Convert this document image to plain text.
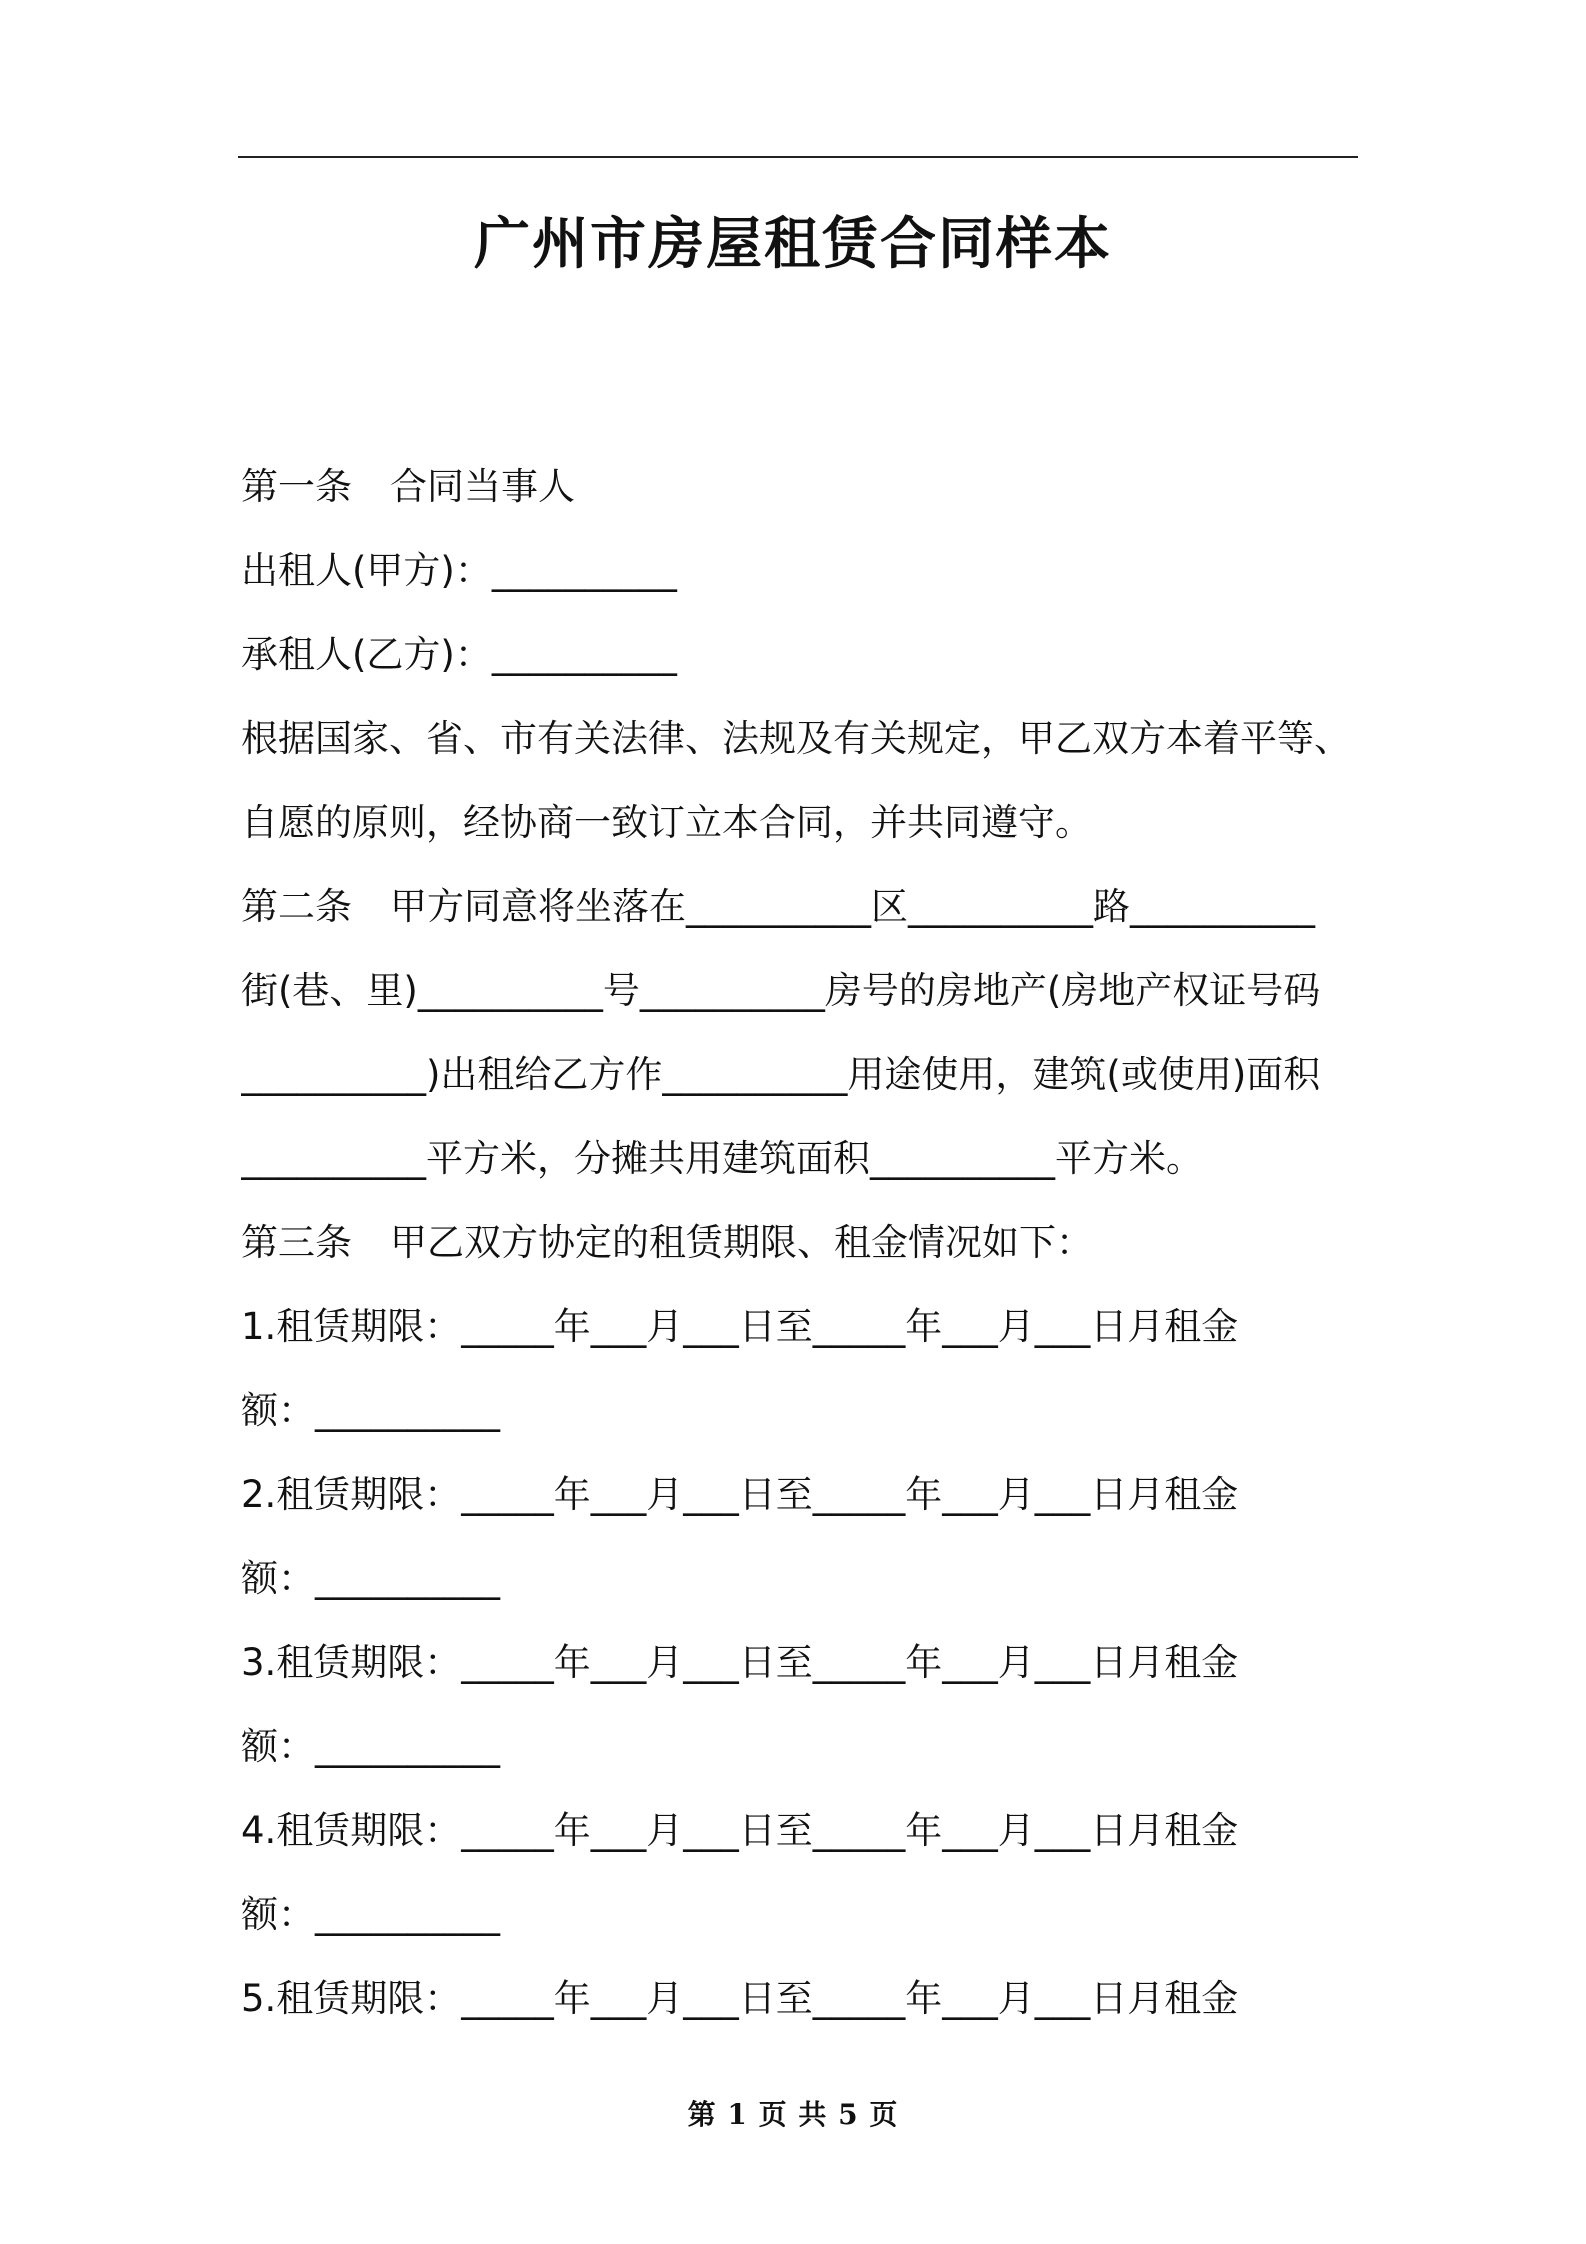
广州市房屋租赁合同样本
第一条 合同当事人
出租人(甲方)：__________
承租人(乙方)：__________
根据国家、省、市有关法律、法规及有关规定，甲乙双方本着平等、
自愿的原则，经协商一致订立本合同，并共同遵守。
第二条 甲方同意将坐落在__________区__________路__________
街(巷、里)__________号__________房号的房地产(房地产权证号码
__________)出租给乙方作__________用途使用，建筑(或使用)面积
__________平方米，分摊共用建筑面积__________平方米。
第三条 甲乙双方协定的租赁期限、租金情况如下：
1.租赁期限：_____年___月___日至_____年___月___日月租金
额：__________
2.租赁期限：_____年___月___日至_____年___月___日月租金
额：__________
3.租赁期限：_____年___月___日至_____年___月___日月租金
额：__________
4.租赁期限：_____年___月___日至_____年___月___日月租金
额：__________
5.租赁期限：_____年___月___日至_____年___月___日月租金
第 1 页 共 5 页
